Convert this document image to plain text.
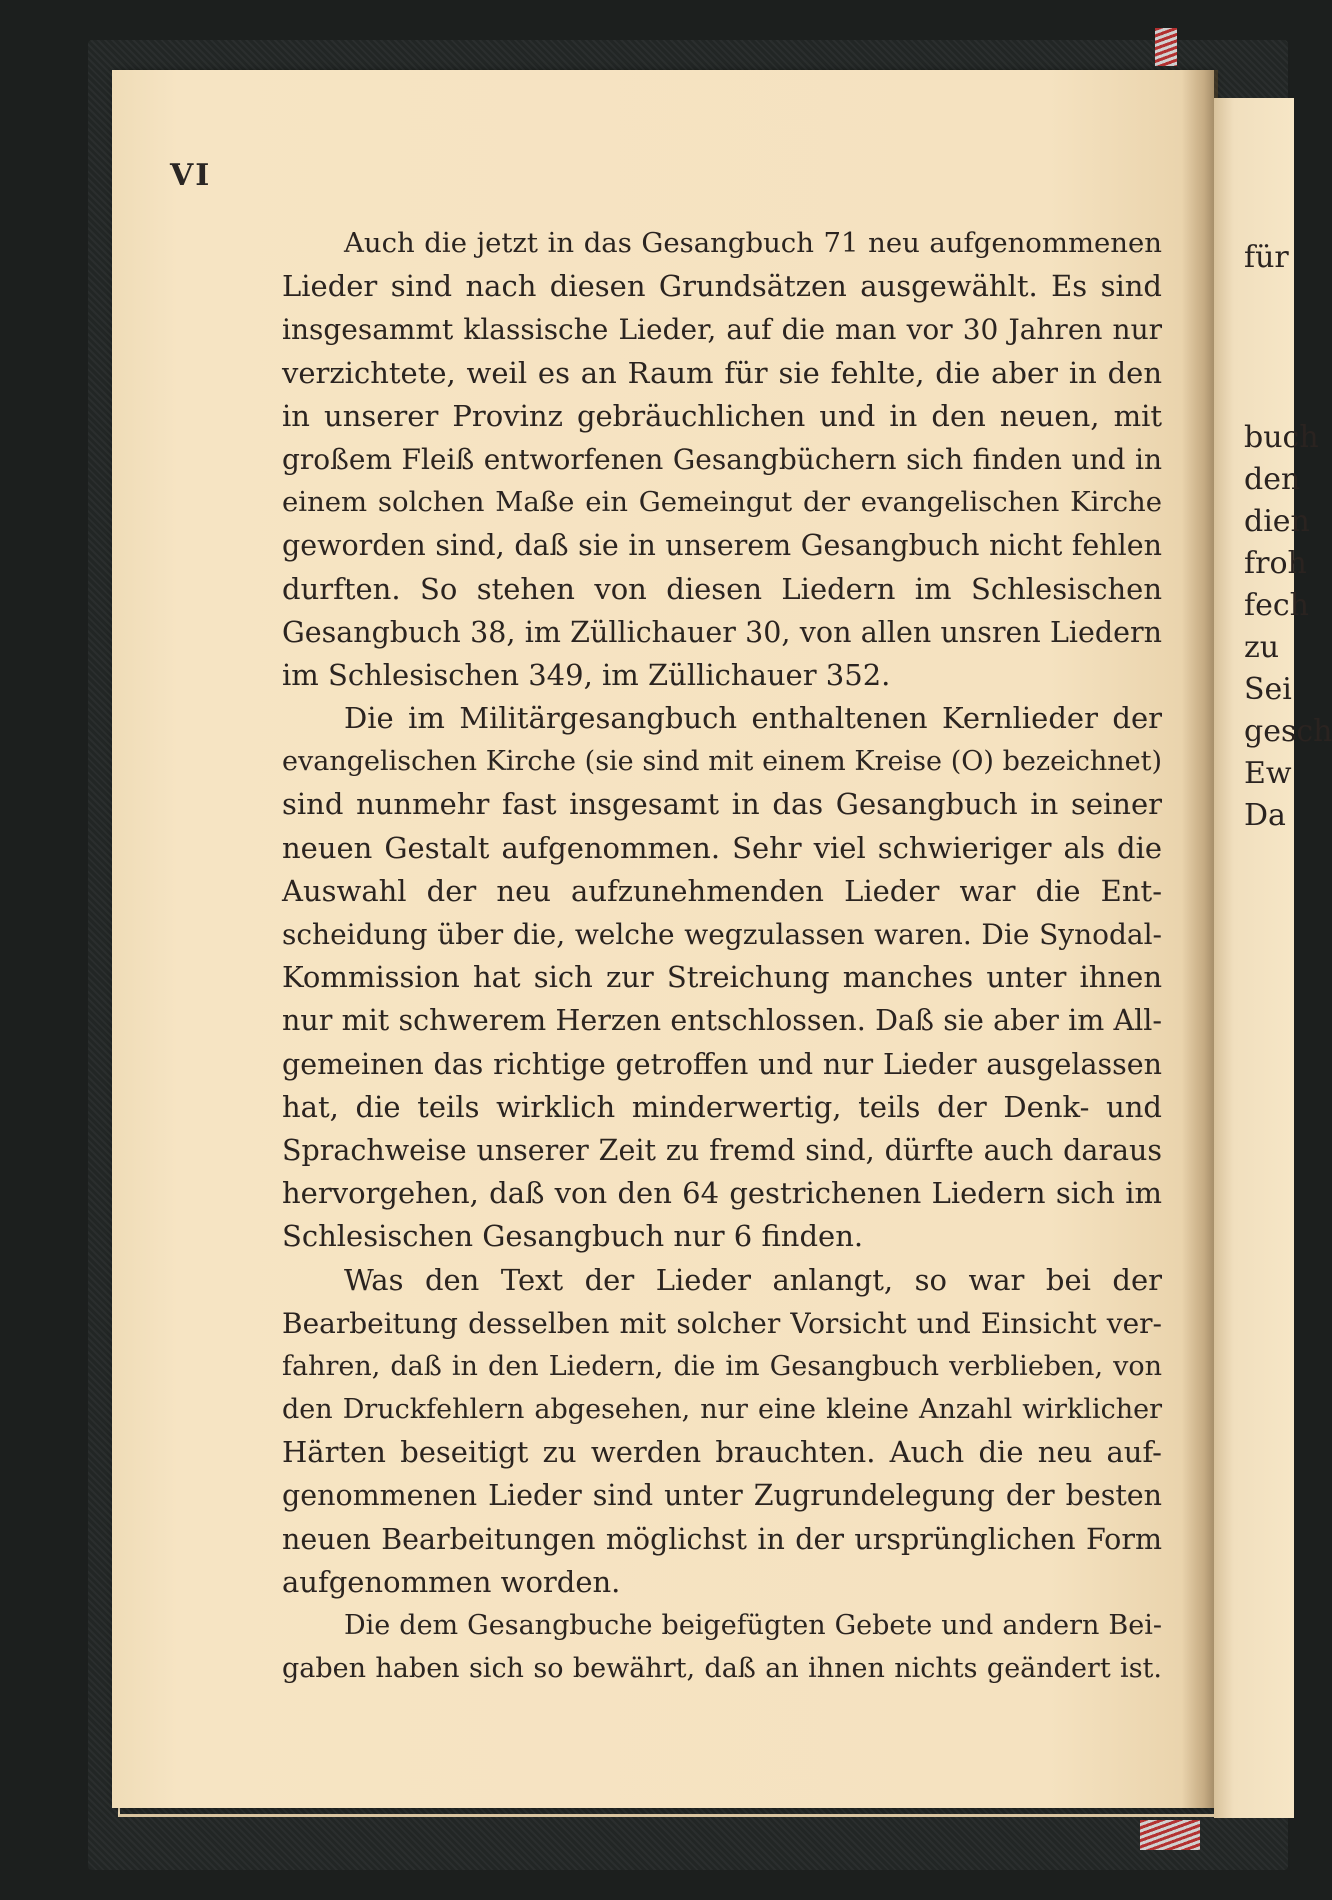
für
buch
den
dien
froh
fech
zu
Sei
gesch
Ew
Da
VI
Auch die jetzt in das Gesangbuch 71 neu aufgenommenen
Lieder sind nach diesen Grundsätzen ausgewählt. Es sind
insgesammt klassische Lieder, auf die man vor 30 Jahren nur
verzichtete, weil es an Raum für sie fehlte, die aber in den
in unserer Provinz gebräuchlichen und in den neuen, mit
großem Fleiß entworfenen Gesangbüchern sich finden und in
einem solchen Maße ein Gemeingut der evangelischen Kirche
geworden sind, daß sie in unserem Gesangbuch nicht fehlen
durften. So stehen von diesen Liedern im Schlesischen
Gesangbuch 38, im Züllichauer 30, von allen unsren Liedern
im Schlesischen 349, im Züllichauer 352.
Die im Militärgesangbuch enthaltenen Kernlieder der
evangelischen Kirche (sie sind mit einem Kreise (O) bezeichnet)
sind nunmehr fast insgesamt in das Gesangbuch in seiner
neuen Gestalt aufgenommen. Sehr viel schwieriger als die
Auswahl der neu aufzunehmenden Lieder war die Ent-
scheidung über die, welche wegzulassen waren. Die Synodal-
Kommission hat sich zur Streichung manches unter ihnen
nur mit schwerem Herzen entschlossen. Daß sie aber im All-
gemeinen das richtige getroffen und nur Lieder ausgelassen
hat, die teils wirklich minderwertig, teils der Denk- und
Sprachweise unserer Zeit zu fremd sind, dürfte auch daraus
hervorgehen, daß von den 64 gestrichenen Liedern sich im
Schlesischen Gesangbuch nur 6 finden.
Was den Text der Lieder anlangt, so war bei der
Bearbeitung desselben mit solcher Vorsicht und Einsicht ver-
fahren, daß in den Liedern, die im Gesangbuch verblieben, von
den Druckfehlern abgesehen, nur eine kleine Anzahl wirklicher
Härten beseitigt zu werden brauchten. Auch die neu auf-
genommenen Lieder sind unter Zugrundelegung der besten
neuen Bearbeitungen möglichst in der ursprünglichen Form
aufgenommen worden.
Die dem Gesangbuche beigefügten Gebete und andern Bei-
gaben haben sich so bewährt, daß an ihnen nichts geändert ist.
